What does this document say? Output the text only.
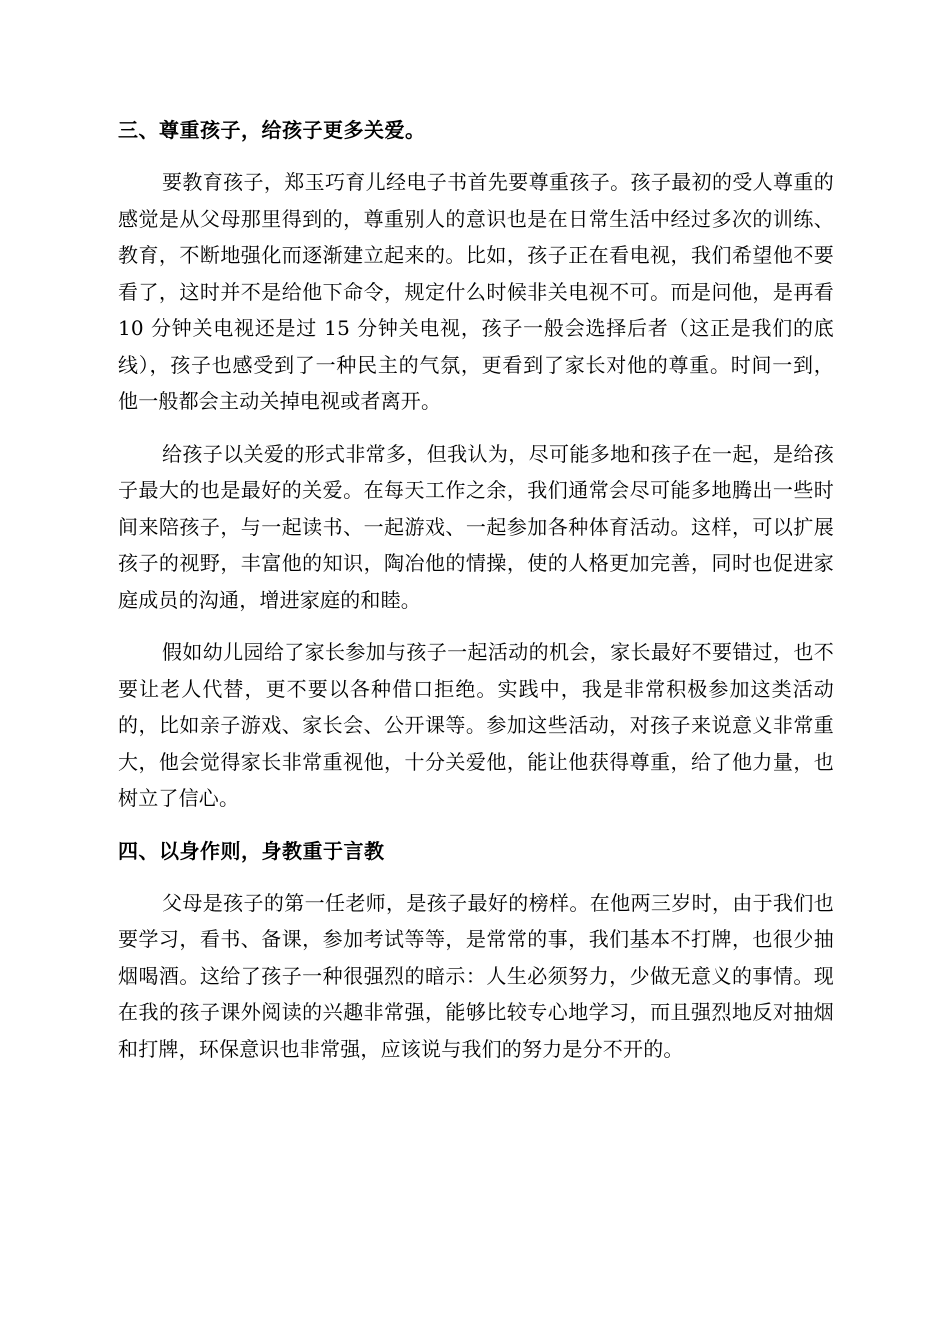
三、尊重孩子，给孩子更多关爱。

要教育孩子，郑玉巧育儿经电子书首先要尊重孩子。孩子最初的受人尊重的感觉是从父母那里得到的，尊重别人的意识也是在日常生活中经过多次的训练、教育，不断地强化而逐渐建立起来的。比如，孩子正在看电视，我们希望他不要看了，这时并不是给他下命令，规定什么时候非关电视不可。而是问他，是再看 10 分钟关电视还是过 15 分钟关电视，孩子一般会选择后者（这正是我们的底线），孩子也感受到了一种民主的气氛，更看到了家长对他的尊重。时间一到，他一般都会主动关掉电视或者离开。

给孩子以关爱的形式非常多，但我认为，尽可能多地和孩子在一起，是给孩子最大的也是最好的关爱。在每天工作之余，我们通常会尽可能多地腾出一些时间来陪孩子，与一起读书、一起游戏、一起参加各种体育活动。这样，可以扩展孩子的视野，丰富他的知识，陶冶他的情操，使的人格更加完善，同时也促进家庭成员的沟通，增进家庭的和睦。

假如幼儿园给了家长参加与孩子一起活动的机会，家长最好不要错过，也不要让老人代替，更不要以各种借口拒绝。实践中，我是非常积极参加这类活动的，比如亲子游戏、家长会、公开课等。参加这些活动，对孩子来说意义非常重大，他会觉得家长非常重视他，十分关爱他，能让他获得尊重，给了他力量，也树立了信心。

四、以身作则，身教重于言教

父母是孩子的第一任老师，是孩子最好的榜样。在他两三岁时，由于我们也要学习，看书、备课，参加考试等等，是常常的事，我们基本不打牌，也很少抽烟喝酒。这给了孩子一种很强烈的暗示：人生必须努力，少做无意义的事情。现在我的孩子课外阅读的兴趣非常强，能够比较专心地学习，而且强烈地反对抽烟和打牌，环保意识也非常强，应该说与我们的努力是分不开的。
